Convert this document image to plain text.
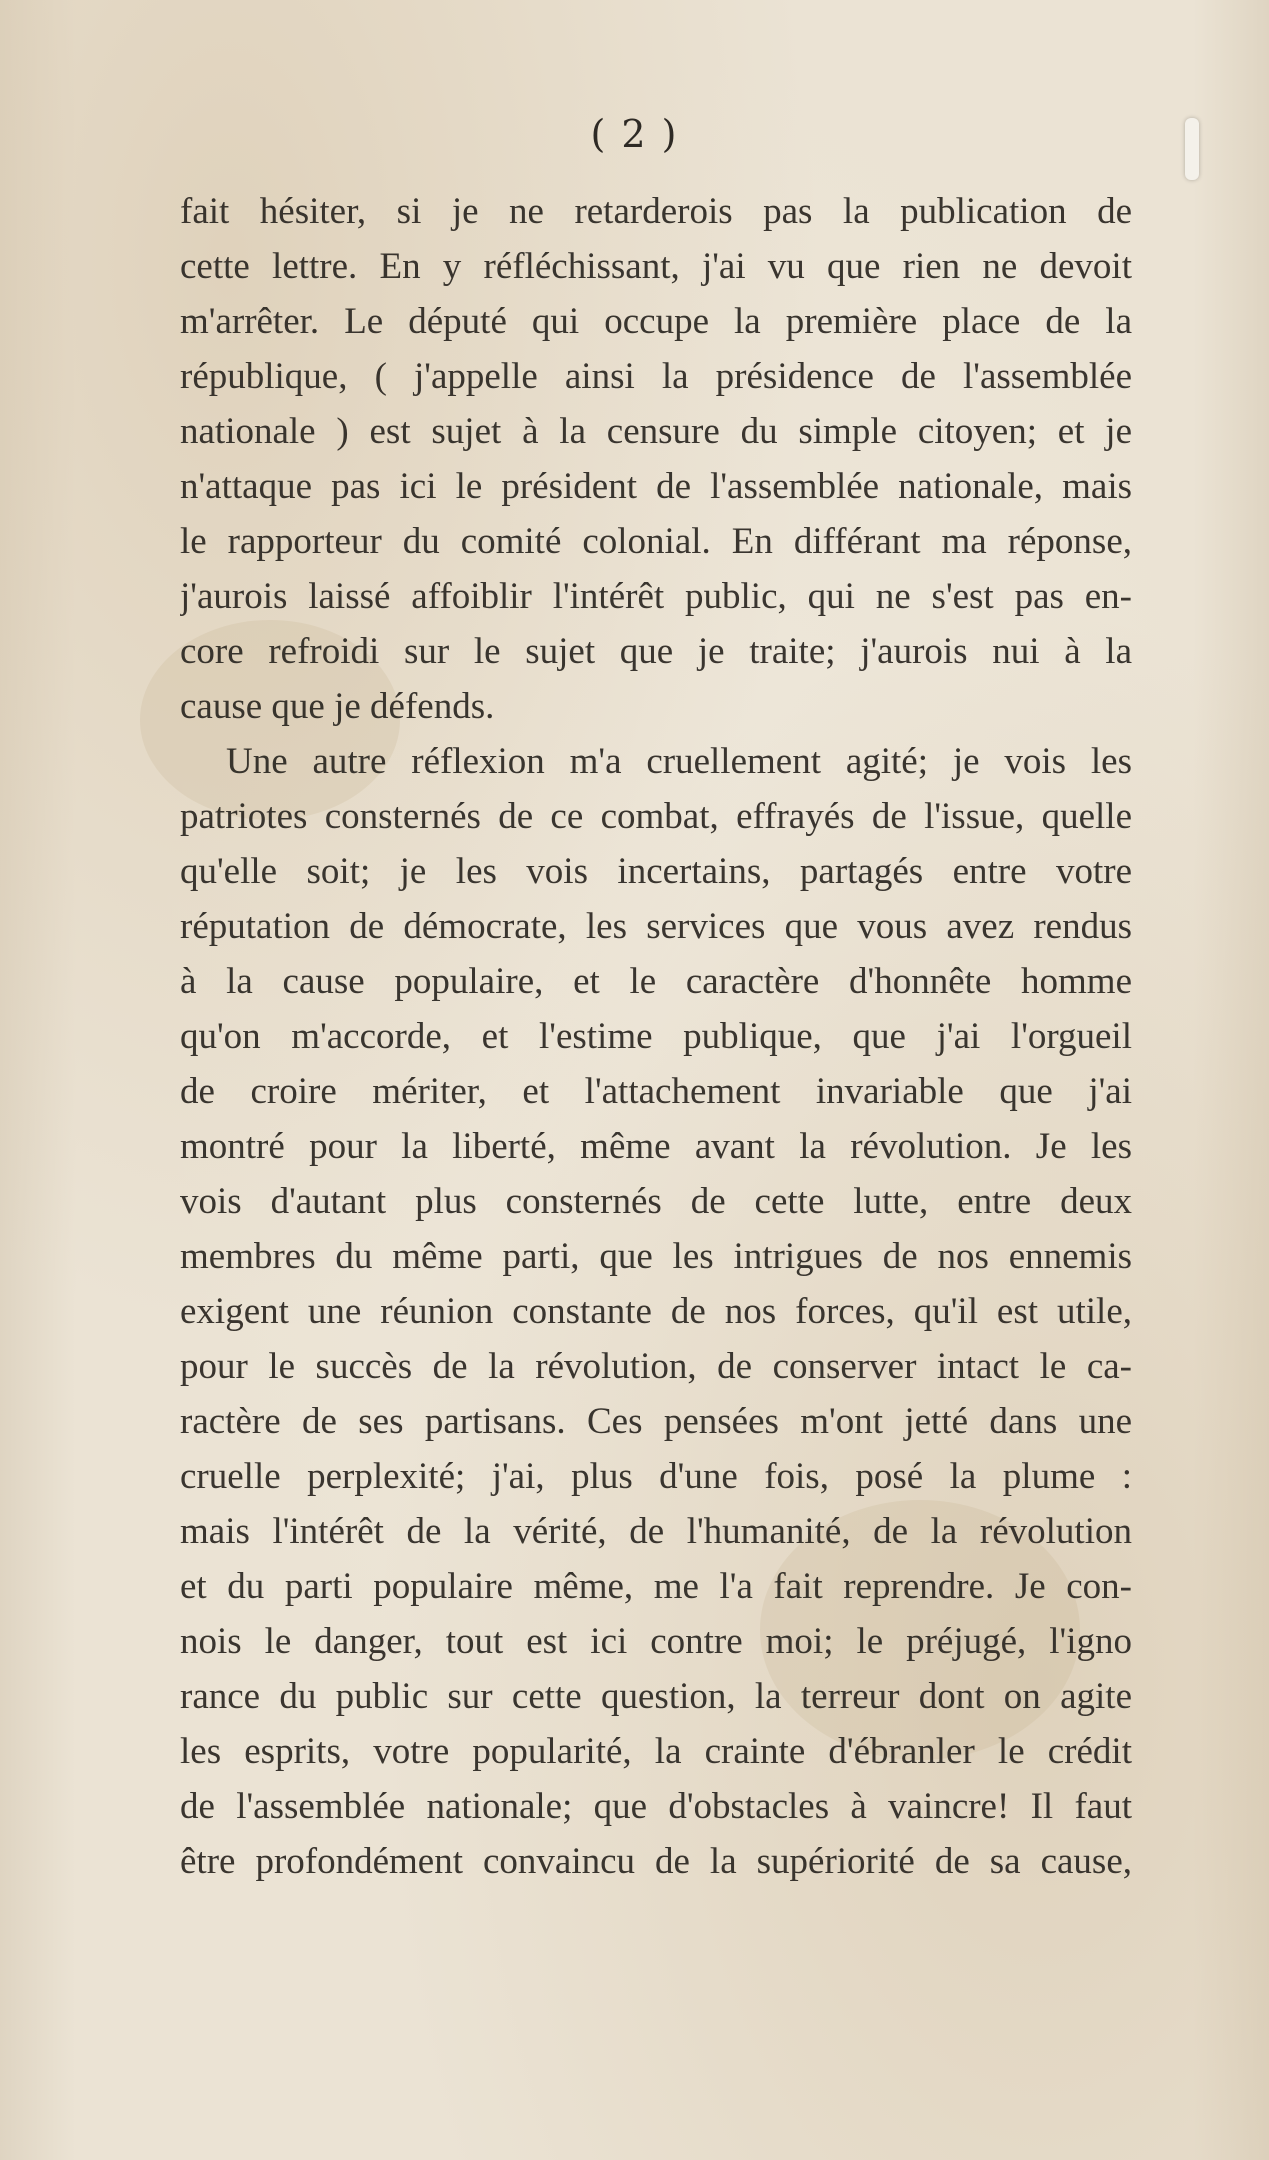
( 2 )
fait hésiter, si je ne retarderois pas la publication de
cette lettre. En y réfléchissant, j'ai vu que rien ne devoit
m'arrêter. Le député qui occupe la première place de la
république, ( j'appelle ainsi la présidence de l'assemblée
nationale ) est sujet à la censure du simple citoyen; et je
n'attaque pas ici le président de l'assemblée nationale, mais
le rapporteur du comité colonial. En différant ma réponse,
j'aurois laissé affoiblir l'intérêt public, qui ne s'est pas en-
core refroidi sur le sujet que je traite; j'aurois nui à la
cause que je défends.
Une autre réflexion m'a cruellement agité; je vois les
patriotes consternés de ce combat, effrayés de l'issue, quelle
qu'elle soit; je les vois incertains, partagés entre votre
réputation de démocrate, les services que vous avez rendus
à la cause populaire, et le caractère d'honnête homme
qu'on m'accorde, et l'estime publique, que j'ai l'orgueil
de croire mériter, et l'attachement invariable que j'ai
montré pour la liberté, même avant la révolution. Je les
vois d'autant plus consternés de cette lutte, entre deux
membres du même parti, que les intrigues de nos ennemis
exigent une réunion constante de nos forces, qu'il est utile,
pour le succès de la révolution, de conserver intact le ca-
ractère de ses partisans. Ces pensées m'ont jetté dans une
cruelle perplexité; j'ai, plus d'une fois, posé la plume :
mais l'intérêt de la vérité, de l'humanité, de la révolution
et du parti populaire même, me l'a fait reprendre. Je con-
nois le danger, tout est ici contre moi; le préjugé, l'igno
rance du public sur cette question, la terreur dont on agite
les esprits, votre popularité, la crainte d'ébranler le crédit
de l'assemblée nationale; que d'obstacles à vaincre! Il faut
être profondément convaincu de la supériorité de sa cause,
